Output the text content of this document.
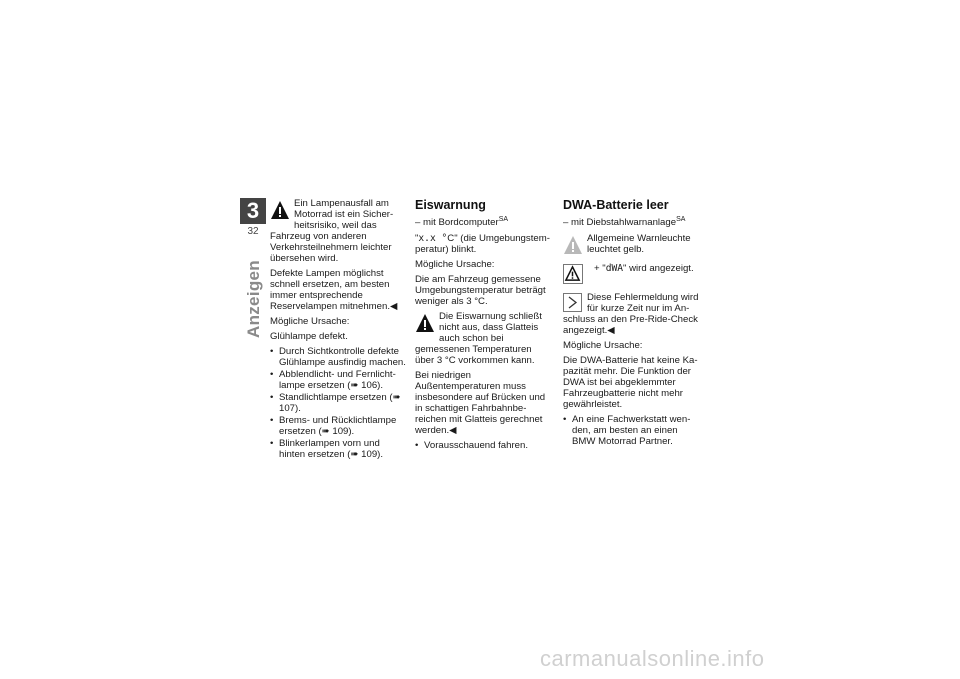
3
32
Anzeigen
Ein Lampenausfall am Motorrad ist ein Sicherheitsrisiko, weil das Fahrzeug von anderen Verkehrsteilnehmern leichter übersehen wird.

Defekte Lampen möglichst schnell ersetzen, am besten immer entsprechende Reservelampen mitnehmen.◀

Mögliche Ursache:

Glühlampe defekt.

• Durch Sichtkontrolle defekte Glühlampe ausfindig machen.
• Abblendlicht- und Fernlichtlampe ersetzen (➠ 106).
• Standlichtlampe ersetzen (➠ 107).
• Brems- und Rücklichtlampe ersetzen (➠ 109).
• Blinkerlampen vorn und hinten ersetzen (➠ 109).
Eiswarnung
– mit Bordcomputer$^{SA}$

"x.x °C" (die Umgebungstemperatur) blinkt.

Mögliche Ursache:

Die am Fahrzeug gemessene Umgebungstemperatur beträgt weniger als 3 °C.

Die Eiswarnung schließt nicht aus, dass Glatteis auch schon bei gemessenen Temperaturen über 3 °C vorkommen kann.

Bei niedrigen Außentemperaturen muss insbesondere auf Brücken und in schattigen Fahrbahnbereichen mit Glatteis gerechnet werden.◀

• Vorausschauend fahren.
DWA-Batterie leer
– mit Diebstahlwarnanlage$^{SA}$
Allgemeine Warnleuchte leuchtet gelb.
+ "dWA" wird angezeigt.
Diese Fehlermeldung wird für kurze Zeit nur im Anschluss an den Pre-Ride-Check angezeigt.◀

Mögliche Ursache:

Die DWA-Batterie hat keine Kapazität mehr. Die Funktion der DWA ist bei abgeklemmter Fahrzeugbatterie nicht mehr gewährleistet.

• An eine Fachwerkstatt wenden, am besten an einen BMW Motorrad Partner.
carmanualsonline.info
